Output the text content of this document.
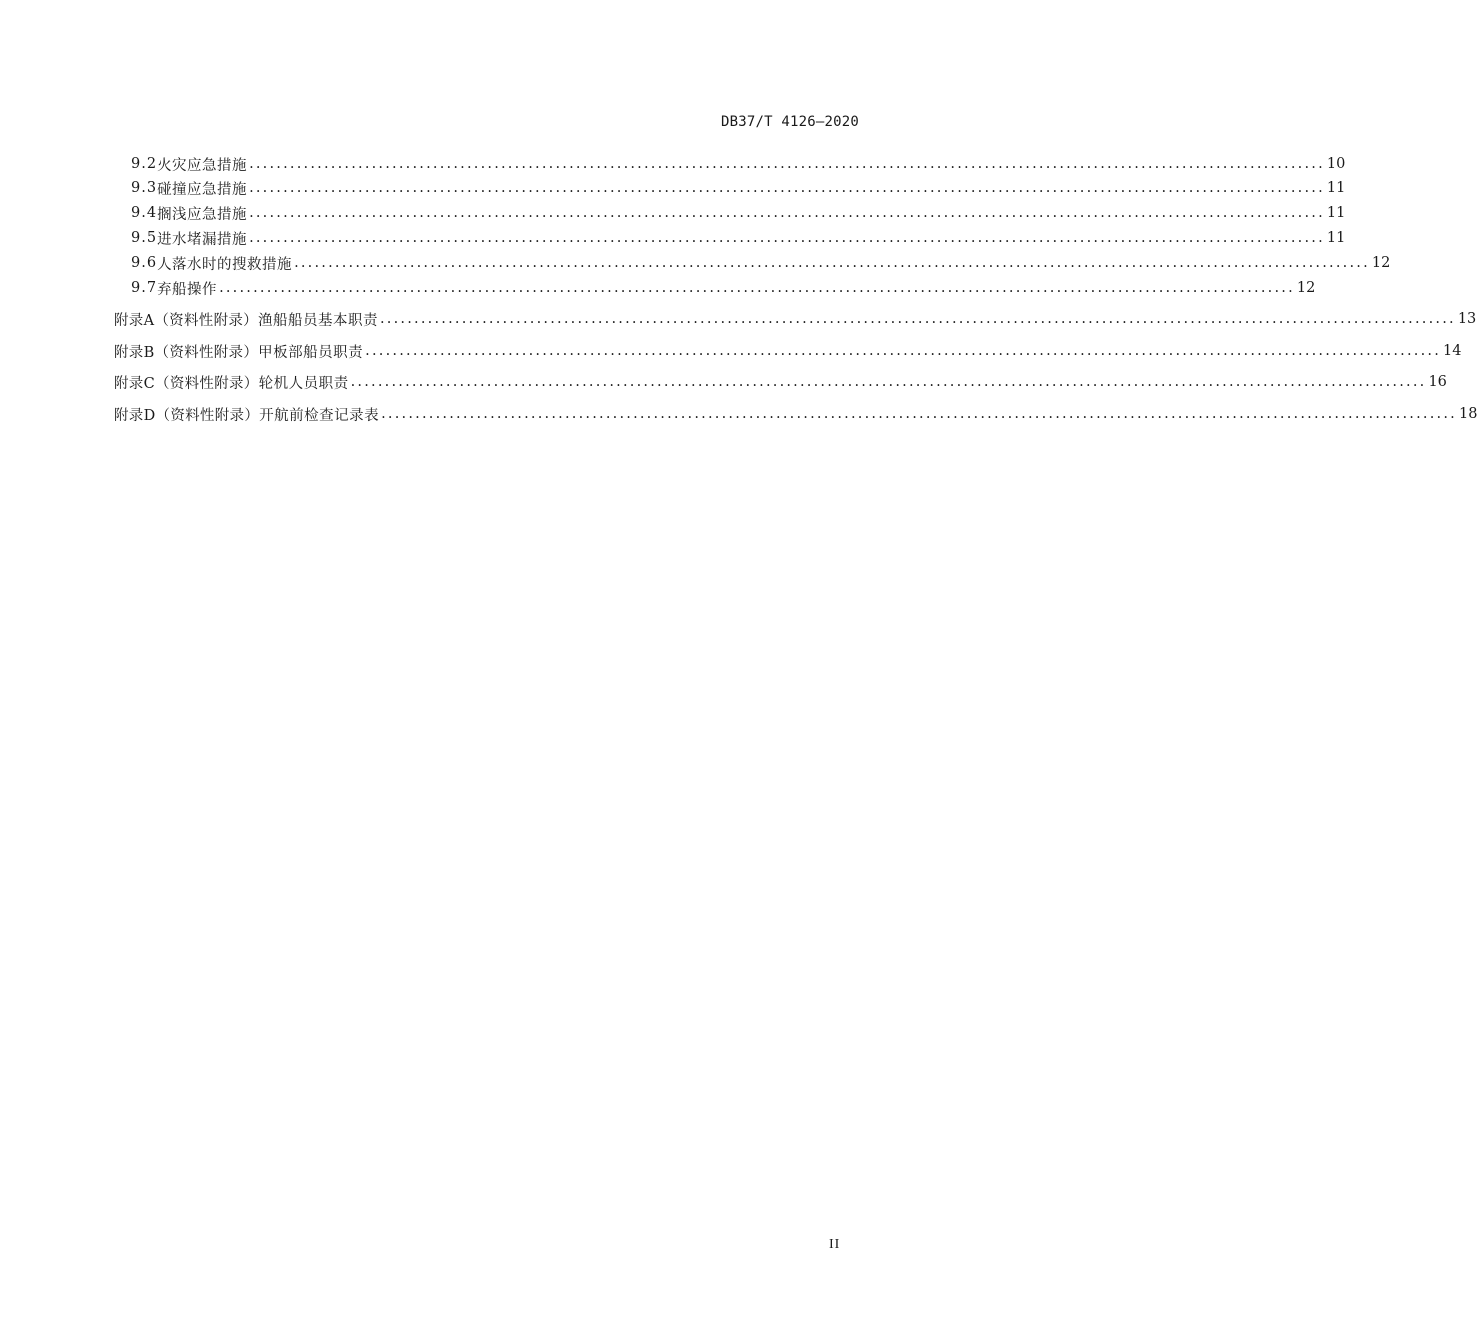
DB37/T 4126—2020
9.2 火灾应急措施 .............................................................................................................................................................. 10
9.3 碰撞应急措施 .............................................................................................................................................................. 11
9.4 搁浅应急措施 .............................................................................................................................................................. 11
9.5 进水堵漏措施 .............................................................................................................................................................. 11
9.6 人落水时的搜救措施 .............................................................................................................................................................. 12
9.7 弃船操作 .............................................................................................................................................................. 12
附录A（资料性附录） 渔船船员基本职责 .............................................................................................................................................................. 13
附录B（资料性附录） 甲板部船员职责 .............................................................................................................................................................. 14
附录C（资料性附录） 轮机人员职责 .............................................................................................................................................................. 16
附录D（资料性附录） 开航前检查记录表 .............................................................................................................................................................. 18
II
